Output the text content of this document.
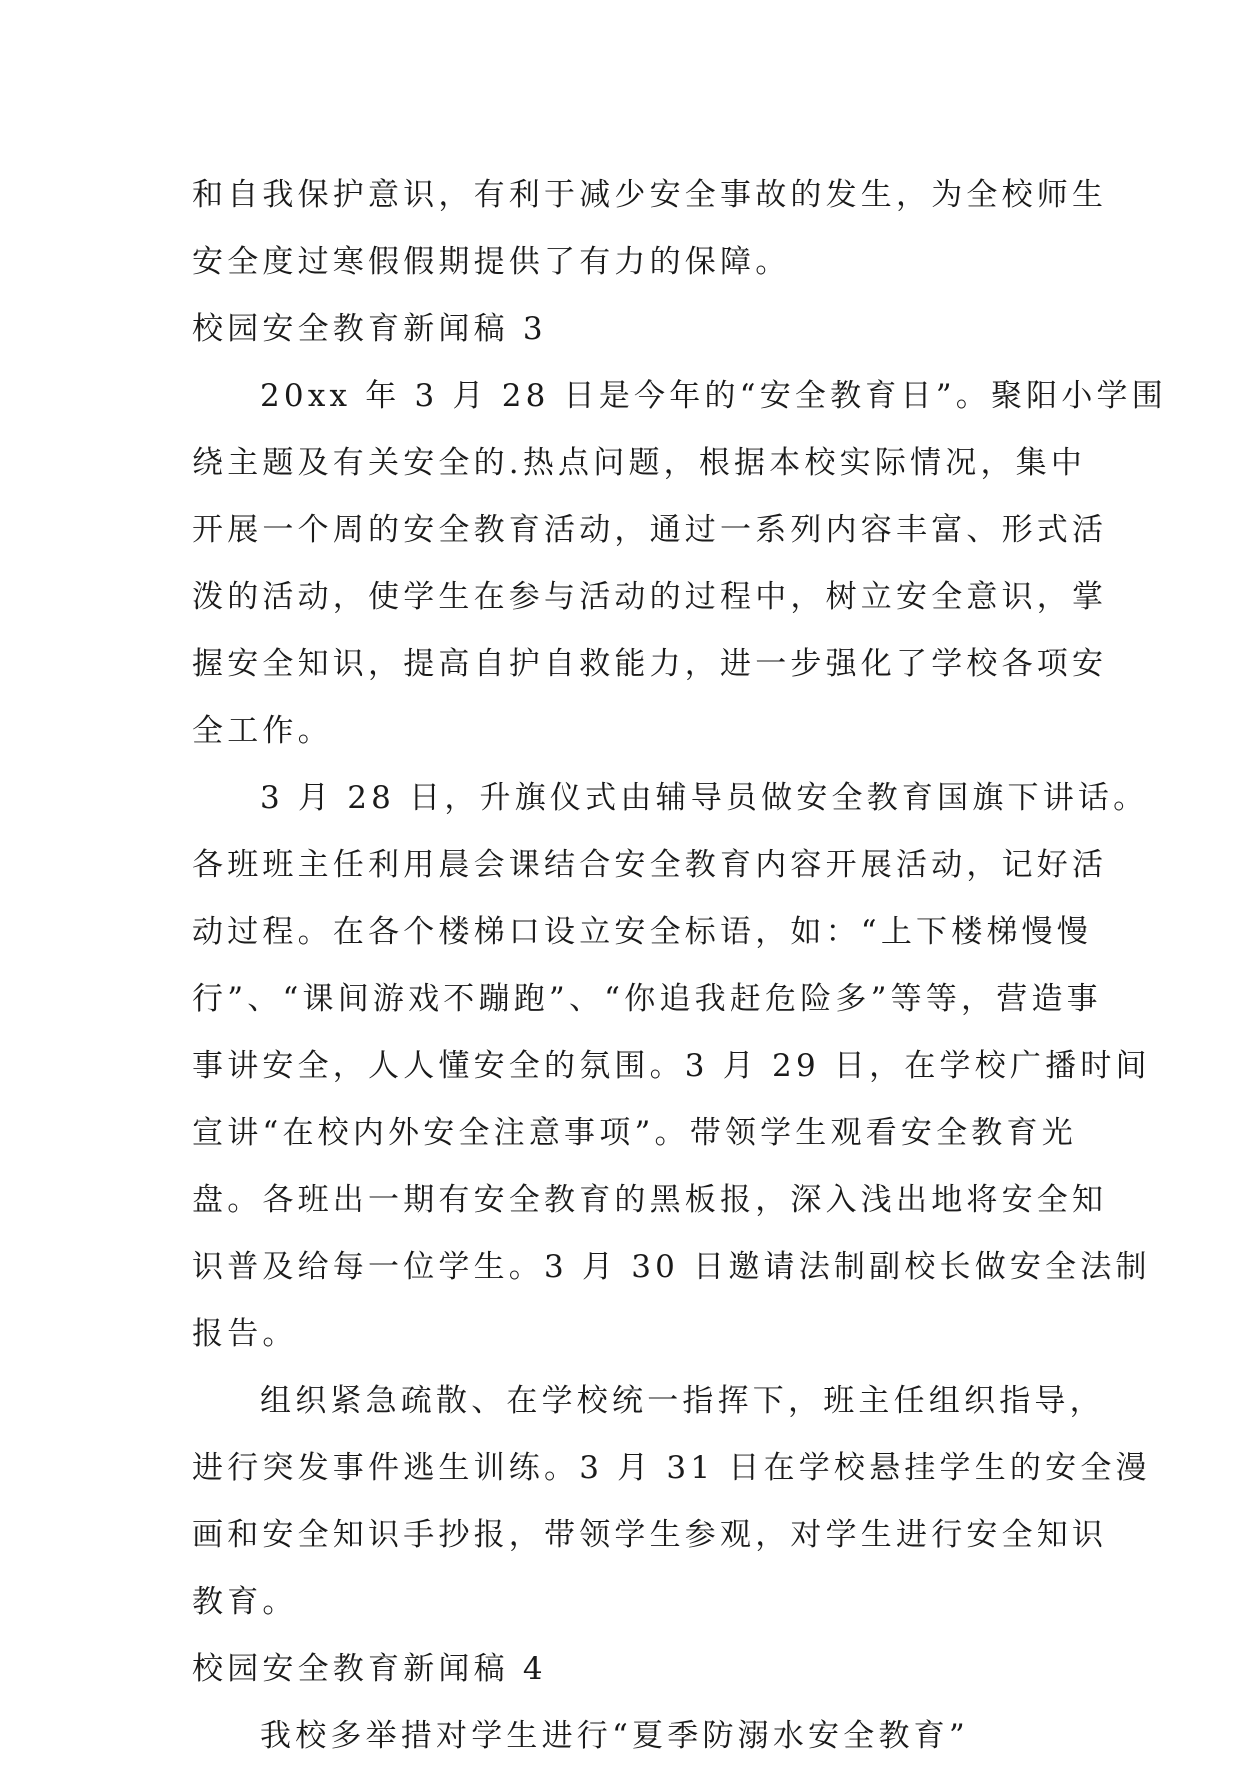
和自我保护意识，有利于减少安全事故的发生，为全校师生
安全度过寒假假期提供了有力的保障。
校园安全教育新闻稿 3
20xx 年 3 月 28 日是今年的“安全教育日”。聚阳小学围
绕主题及有关安全的.热点问题，根据本校实际情况，集中
开展一个周的安全教育活动，通过一系列内容丰富、形式活
泼的活动，使学生在参与活动的过程中，树立安全意识，掌
握安全知识，提高自护自救能力，进一步强化了学校各项安
全工作。
3 月 28 日，升旗仪式由辅导员做安全教育国旗下讲话。
各班班主任利用晨会课结合安全教育内容开展活动，记好活
动过程。在各个楼梯口设立安全标语，如：“上下楼梯慢慢
行”、“课间游戏不蹦跑”、“你追我赶危险多”等等，营造事
事讲安全，人人懂安全的氛围。3 月 29 日，在学校广播时间
宣讲“在校内外安全注意事项”。带领学生观看安全教育光
盘。各班出一期有安全教育的黑板报，深入浅出地将安全知
识普及给每一位学生。3 月 30 日邀请法制副校长做安全法制
报告。
组织紧急疏散、在学校统一指挥下，班主任组织指导，
进行突发事件逃生训练。3 月 31 日在学校悬挂学生的安全漫
画和安全知识手抄报，带领学生参观，对学生进行安全知识
教育。
校园安全教育新闻稿 4
我校多举措对学生进行“夏季防溺水安全教育”
